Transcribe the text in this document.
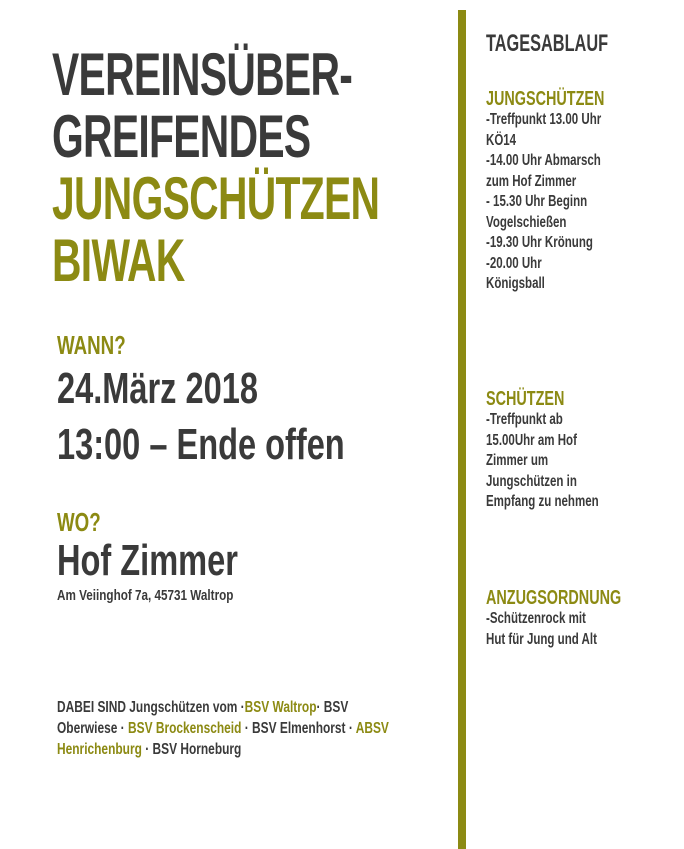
VEREINSÜBER-
GREIFENDES
JUNGSCHÜTZEN
BIWAK
WANN?
24.März 2018
13:00 – Ende offen
WO?
Hof Zimmer
Am Veiinghof 7a, 45731 Waltrop
DABEI SIND Jungschützen vom ·BSV Waltrop· BSV Oberwiese · BSV Brockenscheid · BSV Elmenhorst · ABSV Henrichenburg · BSV Horneburg
TAGESABLAUF
JUNGSCHÜTZEN
-Treffpunkt 13.00 Uhr
KÖ14
-14.00 Uhr Abmarsch
zum Hof Zimmer
- 15.30 Uhr Beginn
Vogelschießen
-19.30 Uhr Krönung
-20.00 Uhr
Königsball
SCHÜTZEN
-Treffpunkt ab
15.00Uhr am Hof
Zimmer um
Jungschützen in
Empfang zu nehmen
ANZUGSORDNUNG
-Schützenrock mit
Hut für Jung und Alt
